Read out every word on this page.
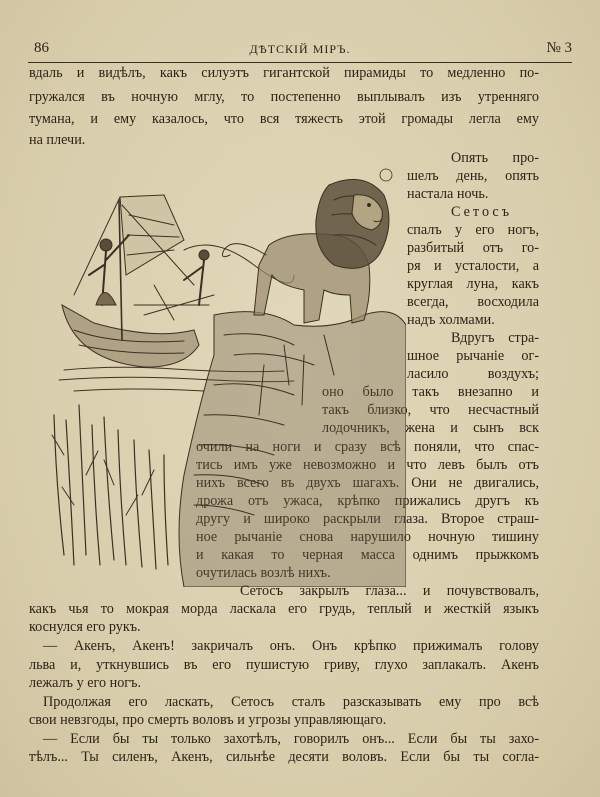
86	ДѢТСКІЙ МІРЪ.	№ 3
вдаль и видѣлъ, какъ силуэтъ гигантской пирамиды то медленно по-
гружался въ ночную мглу, то постепенно выплывалъ изъ утренняго
тумана, и ему казалось, что вся тяжесть этой громады легла ему
на плечи.
Опять про-
шелъ день, опять
настала ночь.
Сетосъ
спалъ у его ногъ,
разбитый отъ го-
ря и усталости, а
круглая луна, какъ
всегда, восходила
надъ холмами.
Вдругъ стра-
шное рычаніе ог-
ласило воздухъ;
оно было такъ внезапно и
такъ близко, что несчастный
лодочникъ, жена и сынъ вск
очили на ноги и сразу всѣ поняли, что спас-
тись имъ уже невозможно и что левъ былъ отъ
нихъ всего въ двухъ шагахъ. Они не двигались,
дрожа отъ ужаса, крѣпко прижались другъ къ
другу и широко раскрыли глаза. Второе страш-
ное рычаніе снова нарушило ночную тишину
и какая то черная масса однимъ прыжкомъ
очутилась возлѣ нихъ.
Сетосъ закрылъ глаза... и почувствовалъ,
какъ чья то мокрая морда ласкала его грудь, теплый и жесткій языкъ
коснулся его рукъ.
— Акенъ, Акенъ! закричалъ онъ. Онъ крѣпко прижималъ голову
льва и, уткнувшись въ его пушистую гриву, глухо заплакалъ. Акенъ
лежалъ у его ногъ.
Продолжая его ласкать, Сетосъ сталъ разсказывать ему про всѣ
свои невзгоды, про смерть воловъ и угрозы управляющаго.
— Если бы ты только захотѣлъ, говорилъ онъ... Если бы ты захо-
тѣлъ... Ты силенъ, Акенъ, сильнѣе десяти воловъ. Если бы ты согла-
